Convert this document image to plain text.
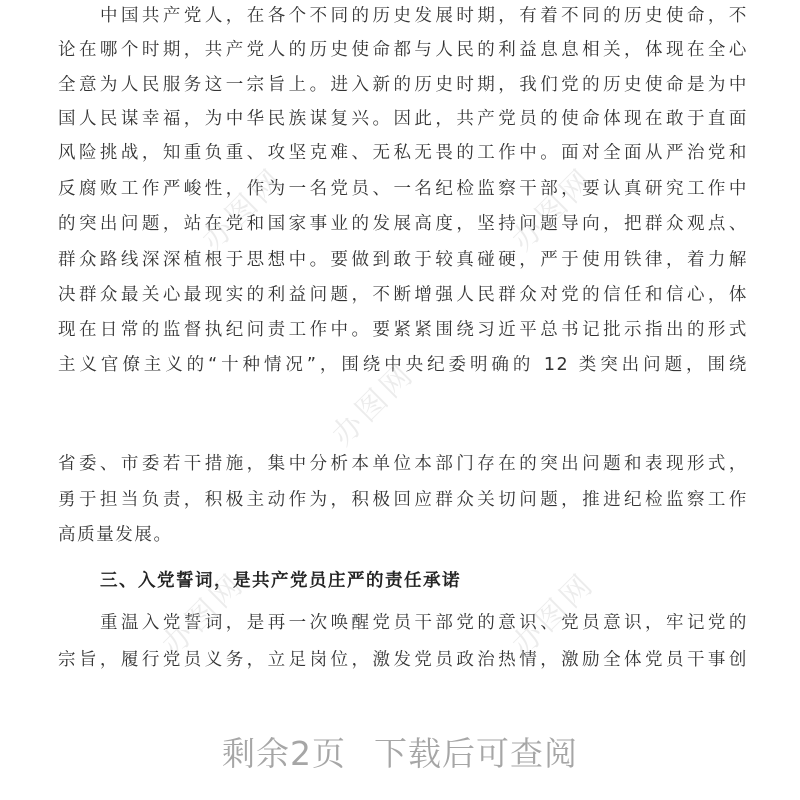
中国共产党人，在各个不同的历史发展时期，有着不同的历史使命，不
论在哪个时期，共产党人的历史使命都与人民的利益息息相关，体现在全心
全意为人民服务这一宗旨上。进入新的历史时期，我们党的历史使命是为中
国人民谋幸福，为中华民族谋复兴。因此，共产党员的使命体现在敢于直面
风险挑战，知重负重、攻坚克难、无私无畏的工作中。面对全面从严治党和
反腐败工作严峻性，作为一名党员、一名纪检监察干部，要认真研究工作中
的突出问题，站在党和国家事业的发展高度，坚持问题导向，把群众观点、
群众路线深深植根于思想中。要做到敢于较真碰硬，严于使用铁律，着力解
决群众最关心最现实的利益问题，不断增强人民群众对党的信任和信心，体
现在日常的监督执纪问责工作中。要紧紧围绕习近平总书记批示指出的形式
主义官僚主义的“十种情况”，围绕中央纪委明确的 12 类突出问题，围绕
省委、市委若干措施，集中分析本单位本部门存在的突出问题和表现形式，
勇于担当负责，积极主动作为，积极回应群众关切问题，推进纪检监察工作
高质量发展。
三、入党誓词，是共产党员庄严的责任承诺
重温入党誓词，是再一次唤醒党员干部党的意识、党员意识，牢记党的
宗旨，履行党员义务，立足岗位，激发党员政治热情，激励全体党员干事创
办图网	办图网
办图网
办图网	办图网
剩余2页 下载后可查阅
